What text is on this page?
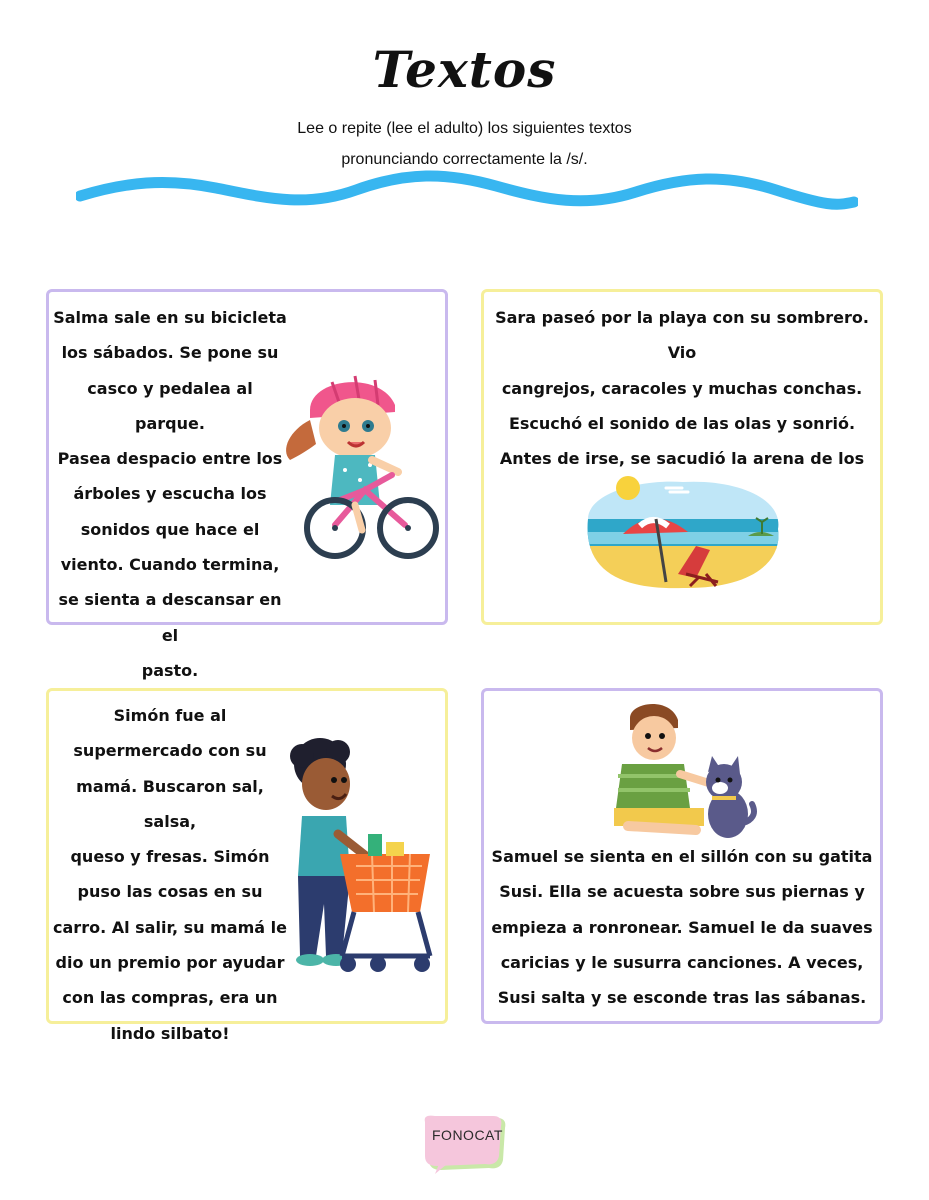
Textos
Lee o repite (lee el adulto) los siguientes textos
pronunciando correctamente la /s/.

Salma sale en su bicicleta
los sábados. Se pone su
casco y pedalea al parque.
Pasea despacio entre los
árboles y escucha los
sonidos que hace el
viento. Cuando termina,
se sienta a descansar en el
pasto.

Sara paseó por la playa con su sombrero. Vio
cangrejos, caracoles y muchas conchas.
Escuchó el sonido de las olas y sonrió.
Antes de irse, se sacudió la arena de los

Simón fue al
supermercado con su
mamá. Buscaron sal, salsa,
queso y fresas. Simón
puso las cosas en su
carro. Al salir, su mamá le
dio un premio por ayudar
con las compras, era un
lindo silbato!

Samuel se sienta en el sillón con su gatita
Susi. Ella se acuesta sobre sus piernas y
empieza a ronronear. Samuel le da suaves
caricias y le susurra canciones. A veces,
Susi salta y se esconde tras las sábanas.

FONOCAT
